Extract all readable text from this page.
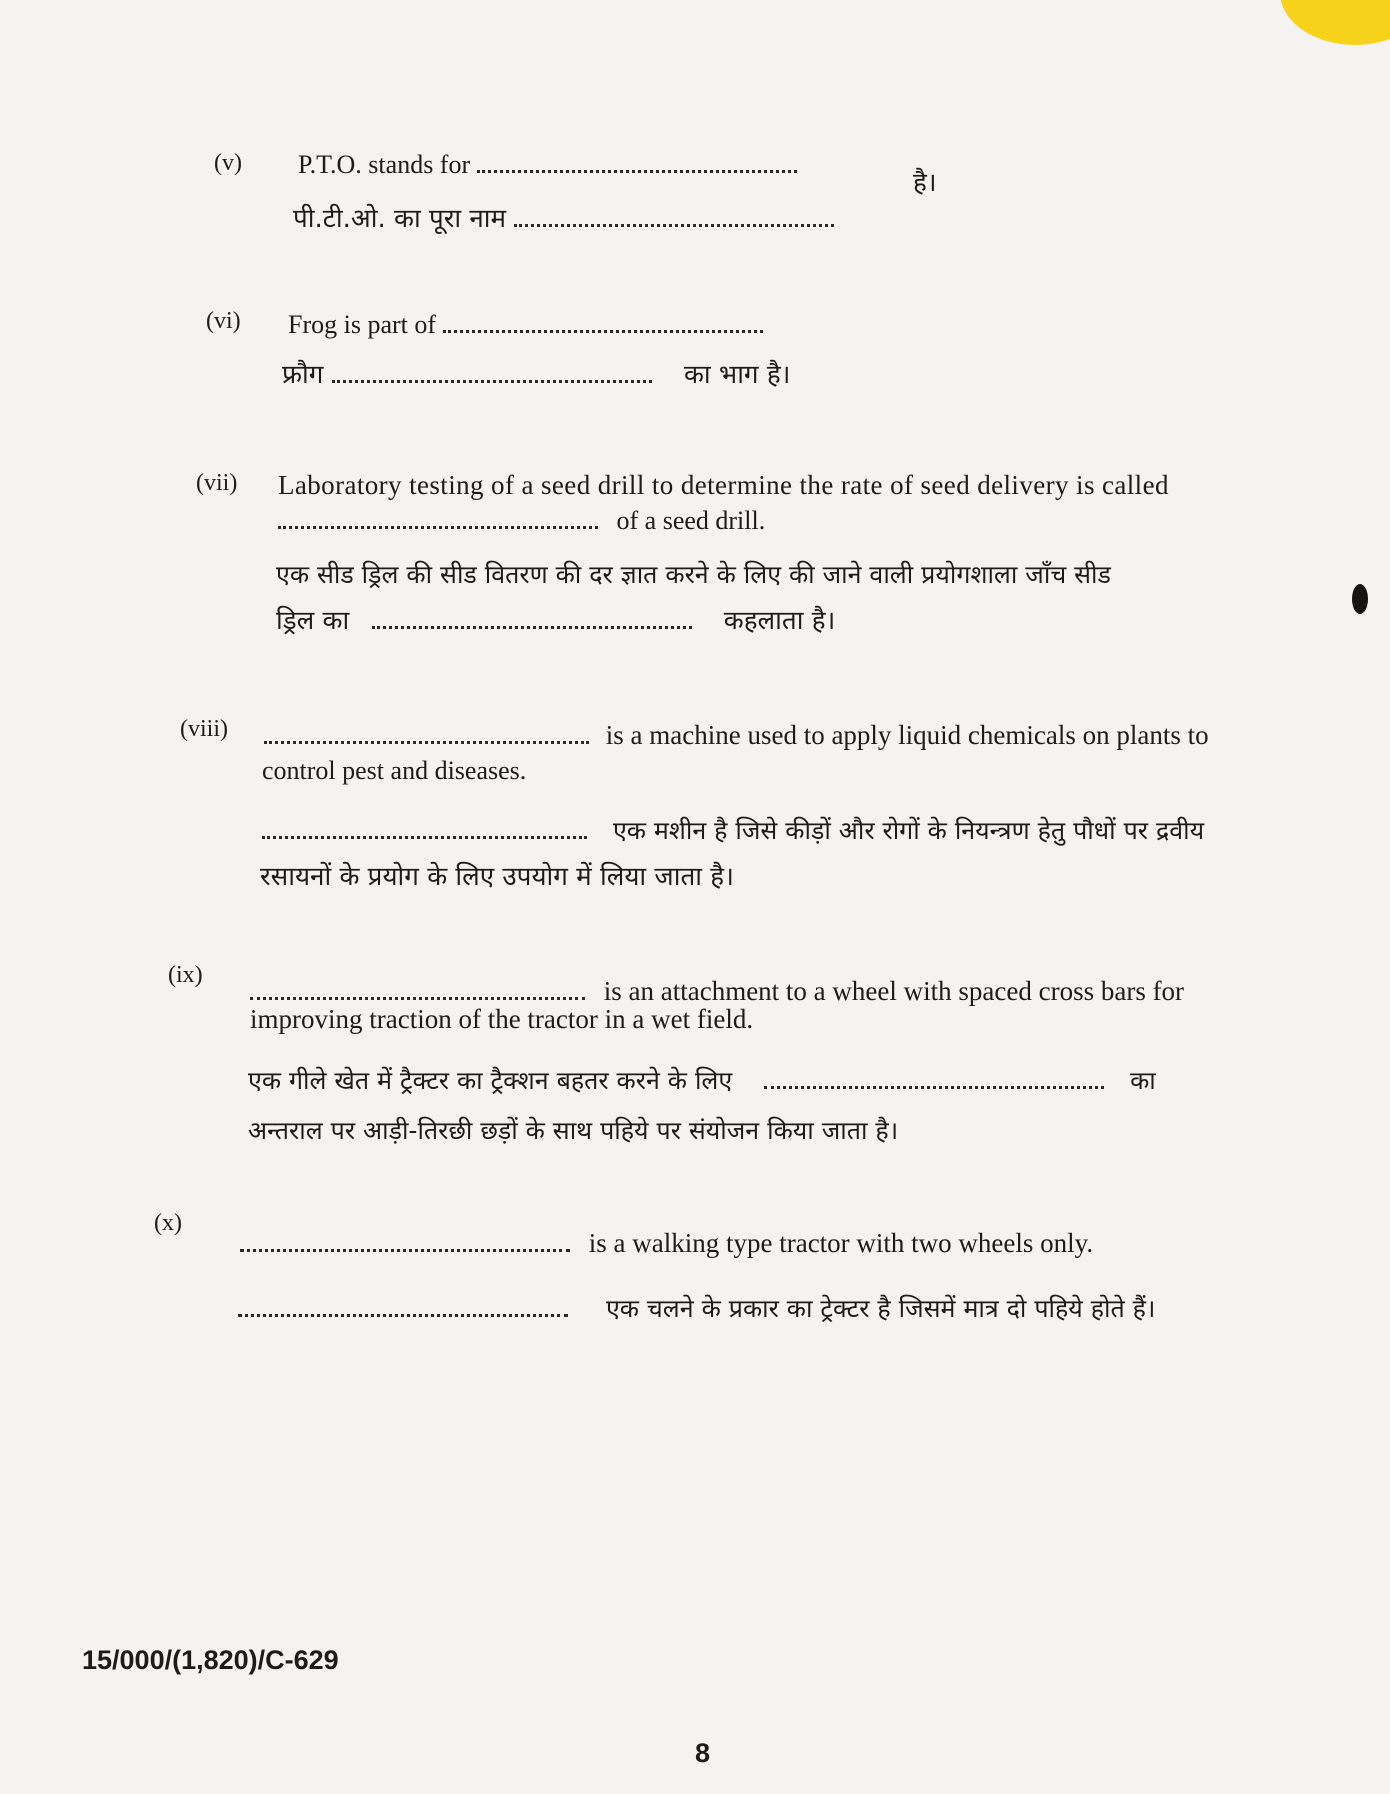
(v) P.T.O. stands for
है।
पी.टी.ओ. का पूरा नाम
(vi) Frog is part of
फ्रौग	का भाग है।
(vii) Laboratory testing of a seed drill to determine the rate of seed delivery is called
of a seed drill.
एक सीड ड्रिल की सीड वितरण की दर ज्ञात करने के लिए की जाने वाली प्रयोगशाला जाँच सीड
ड्रिल का	कहलाता है।
(viii)	is a machine used to apply liquid chemicals on plants to
control pest and diseases.
एक मशीन है जिसे कीड़ों और रोगों के नियन्त्रण हेतु पौधों पर द्रवीय
रसायनों के प्रयोग के लिए उपयोग में लिया जाता है।
(ix)
is an attachment to a wheel with spaced cross bars for
improving traction of the tractor in a wet field.
एक गीले खेत में ट्रैक्टर का ट्रैक्शन बहतर करने के लिए	का
अन्तराल पर आड़ी-तिरछी छड़ों के साथ पहिये पर संयोजन किया जाता है।
(x)
is a walking type tractor with two wheels only.
एक चलने के प्रकार का ट्रेक्टर है जिसमें मात्र दो पहिये होते हैं।
15/000/(1,820)/C-629
8
